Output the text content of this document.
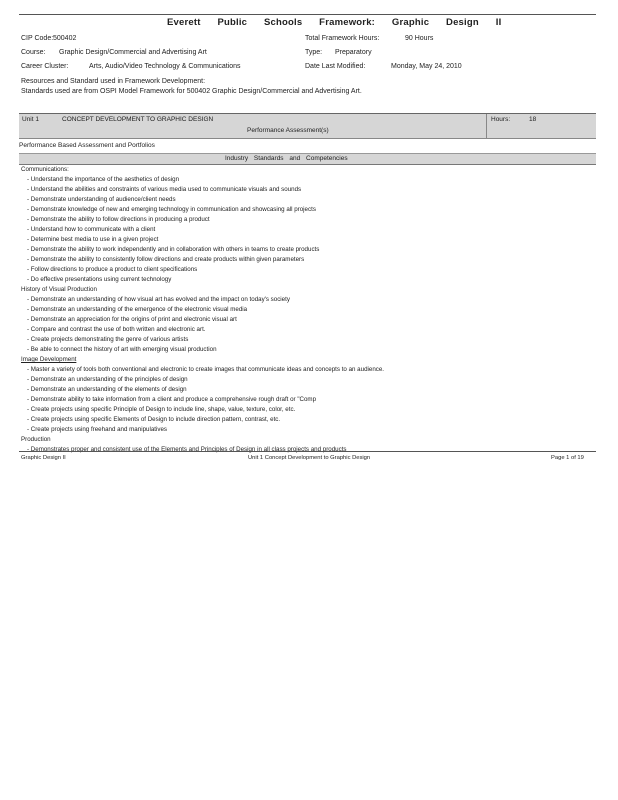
Everett Public Schools Framework: Graphic Design II
CIP Code: 500402	Total Framework Hours:	90 Hours
Course: Graphic Design/Commercial and Advertising Art	Type: Preparatory
Career Cluster:	Arts, Audio/Video Technology & Communications	Date Last Modified:	Monday, May 24, 2010
Resources and Standard used in Framework Development:
Standards used are from OSPI Model Framework for 500402 Graphic Design/Commercial and Advertising Art.
Unit 1	CONCEPT DEVELOPMENT TO GRAPHIC DESIGN	Hours:	18
Performance Assessment(s)
Performance Based Assessment and Portfolios
Industry Standards and Competencies
Communications:
- Understand the importance of the aesthetics of design
- Understand the abilities and constraints of various media used to communicate visuals and sounds
- Demonstrate understanding of audience/client needs
- Demonstrate knowledge of new and emerging technology in communication and showcasing all projects
- Demonstrate the ability to follow directions in producing a product
- Understand how to communicate with a client
- Determine best media to use in a given project
- Demonstrate the ability to work independently and in collaboration with others in teams to create products
- Demonstrate the ability to consistently follow directions and create products within given parameters
- Follow directions to produce a product to client specifications
- Do effective presentations using current technology
History of Visual Production
- Demonstrate an understanding of how visual art has evolved and the impact on today's society
- Demonstrate an understanding of the emergence of the electronic visual media
- Demonstrate an appreciation for the origins of print and electronic visual art
- Compare and contrast the use of both written and electronic art.
- Create projects demonstrating the genre of various artists
- Be able to connect the history of art with emerging visual production
Image Development
- Master a variety of tools both conventional and electronic to create images that communicate ideas and concepts to an audience.
- Demonstrate an understanding of the principles of design
- Demonstrate an understanding of the elements of design
- Demonstrate ability to take information from a client and produce a comprehensive rough draft or "Comp
- Create projects using specific Principle of Design to include line, shape, value, texture, color, etc.
- Create projects using specific Elements of Design to include direction pattern, contrast, etc.
- Create projects using freehand and manipulatives
Production
- Demonstrates proper and consistent use of the Elements and Principles of Design in all class projects and products
Graphic Design II	Unit 1 Concept Development to Graphic Design	Page 1 of 19
